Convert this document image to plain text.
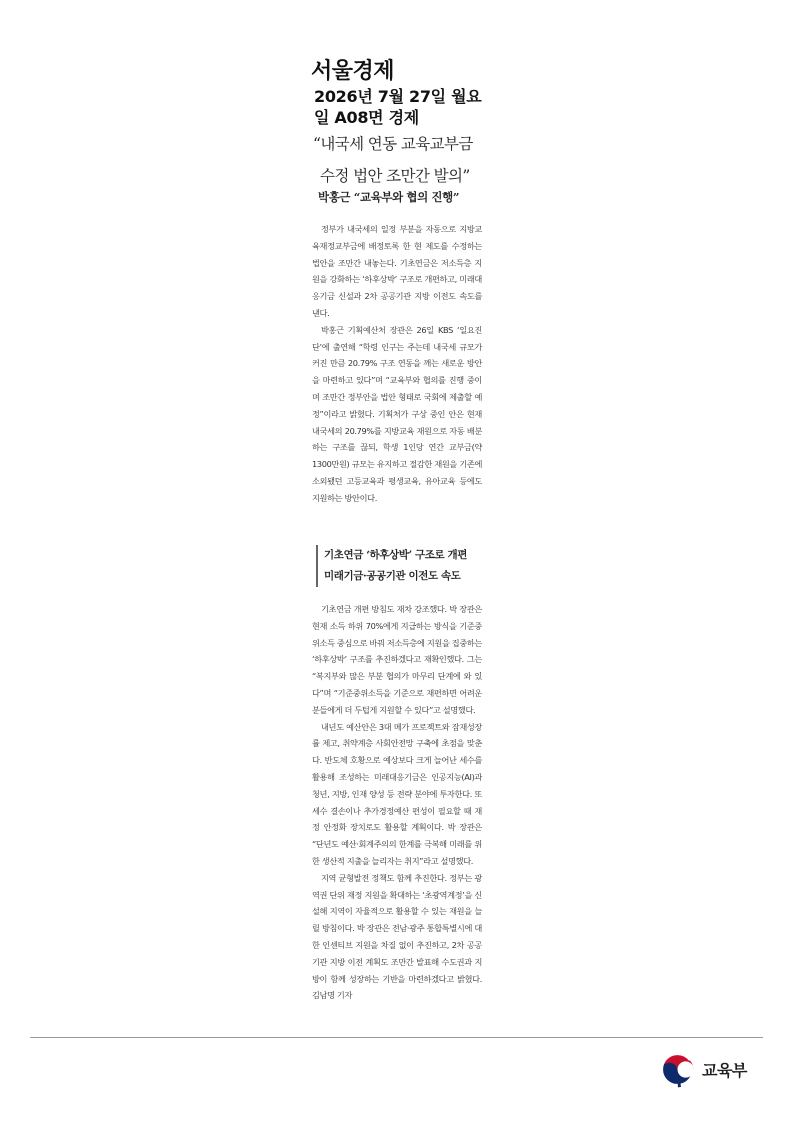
서울경제
2026년 7월 27일 월요
일 A08면 경제
“내국세 연동 교육교부금
수정 법안 조만간 발의”
박홍근 “교육부와 협의 진행”

정부가 내국세의 일정 부분을 자동으로 지방교육재정교부금에 배정토록 한 현 제도를 수정하는 법안을 조만간 내놓는다. 기초연금은 저소득층 지원을 강화하는 ‘하후상박’ 구조로 개편하고, 미래대응기금 신설과 2차 공공기관 지방 이전도 속도를 낸다.

박홍근 기획예산처 장관은 26일 KBS ‘일요진단’에 출연해 “학령 인구는 주는데 내국세 규모가 커진 만큼 20.79% 구조 연동을 깨는 새로운 방안을 마련하고 있다”며 “교육부와 협의를 진행 중이며 조만간 정부안을 법안 형태로 국회에 제출할 예정”이라고 밝혔다. 기획처가 구상 중인 안은 현재 내국세의 20.79%를 지방교육 재원으로 자동 배분하는 구조를 끊되, 학생 1인당 연간 교부금(약 1300만원) 규모는 유지하고 절감한 재원을 기존에 소외됐던 고등교육과 평생교육, 유아교육 등에도 지원하는 방안이다.

기초연금 ‘하후상박’ 구조로 개편
미래기금·공공기관 이전도 속도

기초연금 개편 방침도 재차 강조했다. 박 장관은 현재 소득 하위 70%에게 지급하는 방식을 기준중위소득 중심으로 바꿔 저소득층에 지원을 집중하는 ‘하후상박’ 구조를 추진하겠다고 재확인했다. 그는 “복지부와 많은 부분 협의가 마무리 단계에 와 있다”며 “기준중위소득을 기준으로 재편하면 어려운 분들에게 더 두텁게 지원할 수 있다”고 설명했다.

내년도 예산안은 3대 메가 프로젝트와 잠재성장률 제고, 취약계층 사회안전망 구축에 초점을 맞춘다. 반도체 호황으로 예상보다 크게 늘어난 세수를 활용해 조성하는 미래대응기금은 인공지능(AI)과 청년, 지방, 인재 양성 등 전략 분야에 투자한다. 또 세수 결손이나 추가경정예산 편성이 필요할 때 재정 안정화 장치로도 활용할 계획이다. 박 장관은 “단년도 예산·회계주의의 한계를 극복해 미래를 위한 생산적 지출을 늘리자는 취지”라고 설명했다.

지역 균형발전 정책도 함께 추진한다. 정부는 광역권 단위 재정 지원을 확대하는 ‘초광역계정’을 신설해 지역이 자율적으로 활용할 수 있는 재원을 늘릴 방침이다. 박 장관은 전남·광주 통합특별시에 대한 인센티브 지원을 차질 없이 추진하고, 2차 공공기관 지방 이전 계획도 조만간 발표해 수도권과 지방이 함께 성장하는 기반을 마련하겠다고 밝혔다. 김남명 기자

교육부
